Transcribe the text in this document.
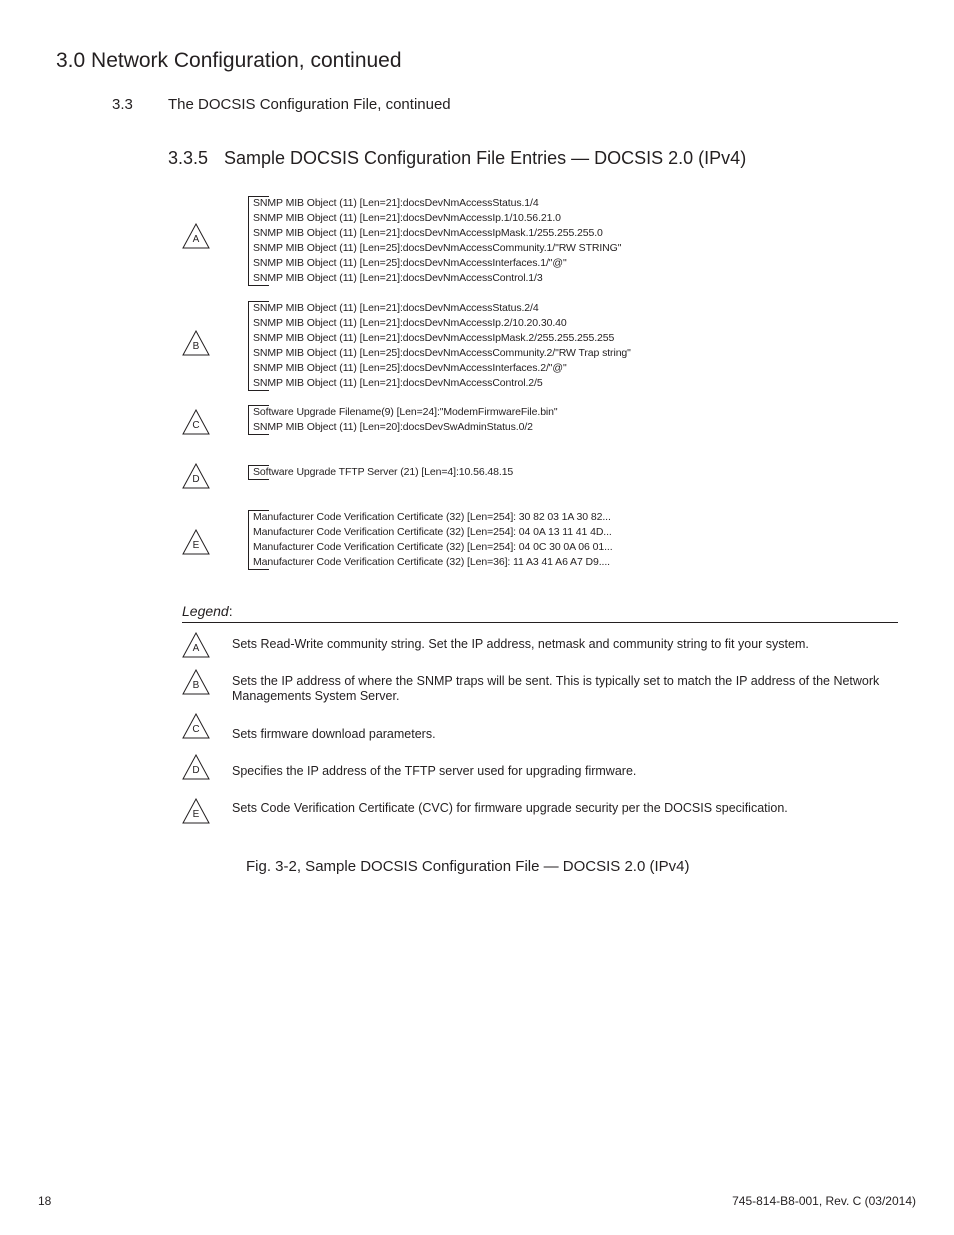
3.0 Network Configuration, continued
3.3 The DOCSIS Configuration File, continued
3.3.5 Sample DOCSIS Configuration File Entries — DOCSIS 2.0 (IPv4)
A
SNMP MIB Object (11) [Len=21]:docsDevNmAccessStatus.1/4
SNMP MIB Object (11) [Len=21]:docsDevNmAccessIp.1/10.56.21.0
SNMP MIB Object (11) [Len=21]:docsDevNmAccessIpMask.1/255.255.255.0
SNMP MIB Object (11) [Len=25]:docsDevNmAccessCommunity.1/"RW STRING"
SNMP MIB Object (11) [Len=25]:docsDevNmAccessInterfaces.1/"@"
SNMP MIB Object (11) [Len=21]:docsDevNmAccessControl.1/3
B
SNMP MIB Object (11) [Len=21]:docsDevNmAccessStatus.2/4
SNMP MIB Object (11) [Len=21]:docsDevNmAccessIp.2/10.20.30.40
SNMP MIB Object (11) [Len=21]:docsDevNmAccessIpMask.2/255.255.255.255
SNMP MIB Object (11) [Len=25]:docsDevNmAccessCommunity.2/"RW Trap string"
SNMP MIB Object (11) [Len=25]:docsDevNmAccessInterfaces.2/"@"
SNMP MIB Object (11) [Len=21]:docsDevNmAccessControl.2/5
C
Software Upgrade Filename(9) [Len=24]:"ModemFirmwareFile.bin"
SNMP MIB Object (11) [Len=20]:docsDevSwAdminStatus.0/2
D
Software Upgrade TFTP Server (21) [Len=4]:10.56.48.15
E
Manufacturer Code Verification Certificate (32) [Len=254]: 30 82 03 1A 30 82...
Manufacturer Code Verification Certificate (32) [Len=254]: 04 0A 13 11 41 4D...
Manufacturer Code Verification Certificate (32) [Len=254]: 04 0C 30 0A 06 01...
Manufacturer Code Verification Certificate (32) [Len=36]: 11 A3 41 A6 A7 D9....
Legend:
A	Sets Read-Write community string. Set the IP address, netmask and community string to fit your system.
B	Sets the IP address of where the SNMP traps will be sent. This is typically set to match the IP address of the Network Managements System Server.
C	Sets firmware download parameters.
D	Specifies the IP address of the TFTP server used for upgrading firmware.
E	Sets Code Verification Certificate (CVC) for firmware upgrade security per the DOCSIS specification.
Fig. 3-2, Sample DOCSIS Configuration File — DOCSIS 2.0 (IPv4)
18	745-814-B8-001, Rev. C (03/2014)
